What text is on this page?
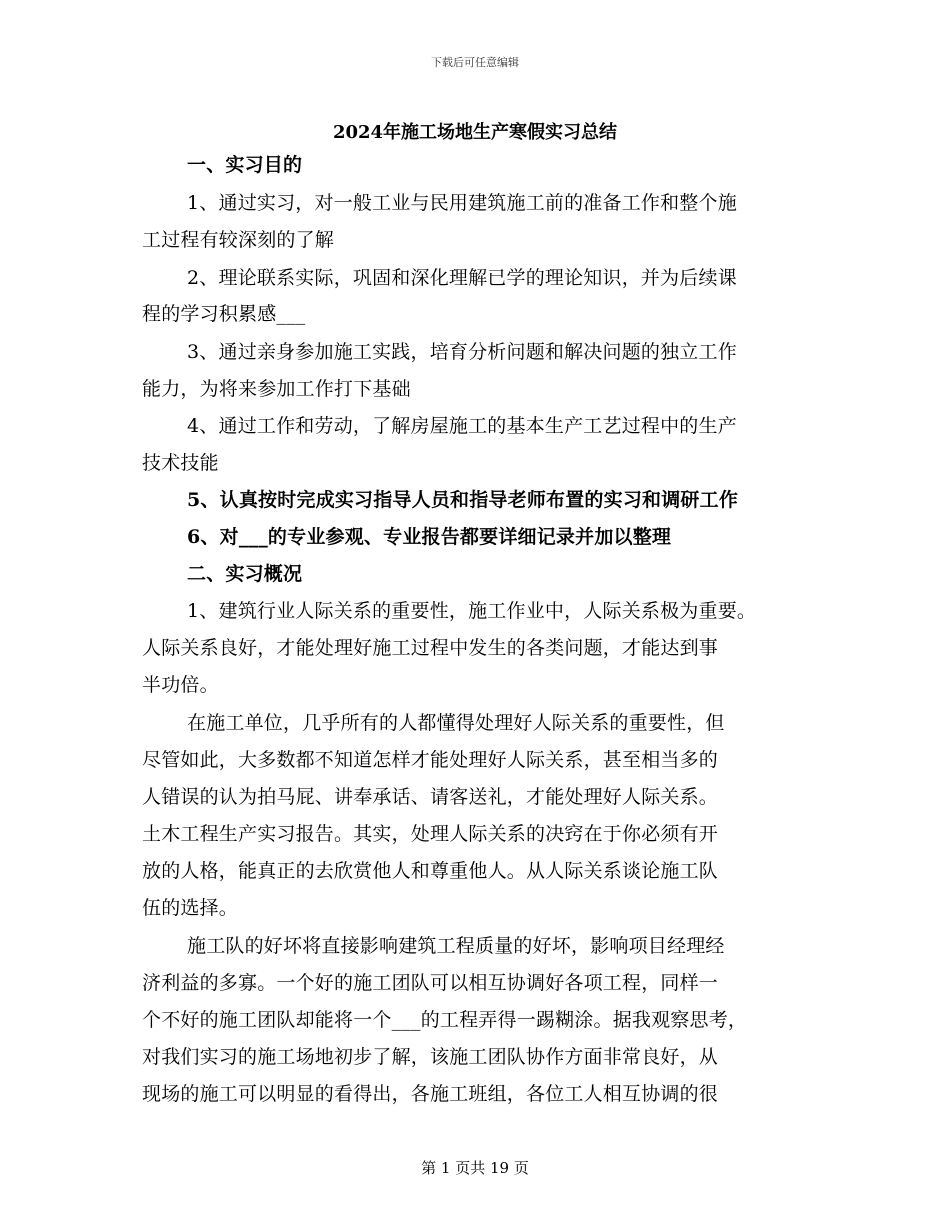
下载后可任意编辑
2024年施工场地生产寒假实习总结
一、实习目的
1、通过实习，对一般工业与民用建筑施工前的准备工作和整个施
工过程有较深刻的了解
2、理论联系实际，巩固和深化理解已学的理论知识，并为后续课
程的学习积累感___
3、通过亲身参加施工实践，培育分析问题和解决问题的独立工作
能力，为将来参加工作打下基础
4、通过工作和劳动，了解房屋施工的基本生产工艺过程中的生产
技术技能
5、认真按时完成实习指导人员和指导老师布置的实习和调研工作
6、对___的专业参观、专业报告都要详细记录并加以整理
二、实习概况
1、建筑行业人际关系的重要性，施工作业中，人际关系极为重要。
人际关系良好，才能处理好施工过程中发生的各类问题，才能达到事
半功倍。
在施工单位，几乎所有的人都懂得处理好人际关系的重要性，但
尽管如此，大多数都不知道怎样才能处理好人际关系，甚至相当多的
人错误的认为拍马屁、讲奉承话、请客送礼，才能处理好人际关系。
土木工程生产实习报告。其实，处理人际关系的决窍在于你必须有开
放的人格，能真正的去欣赏他人和尊重他人。从人际关系谈论施工队
伍的选择。
施工队的好坏将直接影响建筑工程质量的好坏，影响项目经理经
济利益的多寡。一个好的施工团队可以相互协调好各项工程，同样一
个不好的施工团队却能将一个___的工程弄得一踢糊涂。据我观察思考，
对我们实习的施工场地初步了解，该施工团队协作方面非常良好，从
现场的施工可以明显的看得出，各施工班组，各位工人相互协调的很
第 1 页共 19 页
